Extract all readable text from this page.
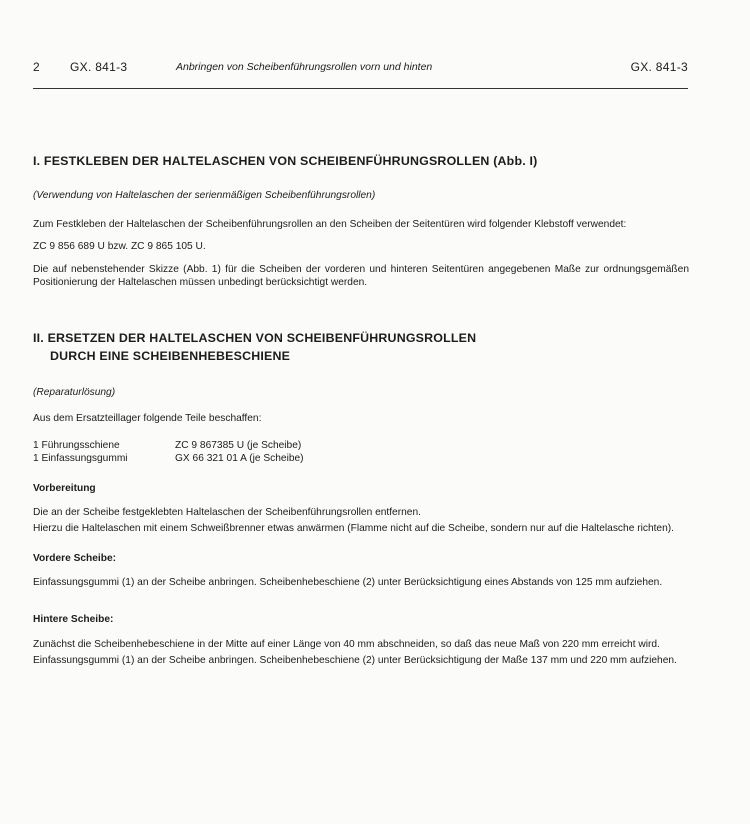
2	GX. 841-3	Anbringen von Scheibenführungsrollen vorn und hinten	GX. 841-3
I. FESTKLEBEN DER HALTELASCHEN VON SCHEIBENFÜHRUNGSROLLEN (Abb. I)

(Verwendung von Haltelaschen der serienmäßigen Scheibenführungsrollen)

Zum Festkleben der Haltelaschen der Scheibenführungsrollen an den Scheiben der Seitentüren wird folgender Klebstoff verwendet:

ZC 9 856 689 U bzw. ZC 9 865 105 U.

Die auf nebenstehender Skizze (Abb. 1) für die Scheiben der vorderen und hinteren Seitentüren angegebenen Maße zur ordnungsgemäßen Positionierung der Haltelaschen müssen unbedingt berücksichtigt werden.

II. ERSETZEN DER HALTELASCHEN VON SCHEIBENFÜHRUNGSROLLEN
DURCH EINE SCHEIBENHEBESCHIENE

(Reparaturlösung)

Aus dem Ersatzteillager folgende Teile beschaffen:

1 Führungsschiene	ZC 9 867385 U (je Scheibe)
1 Einfassungsgummi	GX 66 321 01 A (je Scheibe)

Vorbereitung

Die an der Scheibe festgeklebten Haltelaschen der Scheibenführungsrollen entfernen.

Hierzu die Haltelaschen mit einem Schweißbrenner etwas anwärmen (Flamme nicht auf die Scheibe, sondern nur auf die Haltelasche richten).

Vordere Scheibe:

Einfassungsgummi (1) an der Scheibe anbringen. Scheibenhebeschiene (2) unter Berücksichtigung eines Abstands von 125 mm aufziehen.

Hintere Scheibe:

Zunächst die Scheibenhebeschiene in der Mitte auf einer Länge von 40 mm abschneiden, so daß das neue Maß von 220 mm erreicht wird.

Einfassungsgummi (1) an der Scheibe anbringen. Scheibenhebeschiene (2) unter Berücksichtigung der Maße 137 mm und 220 mm aufziehen.
